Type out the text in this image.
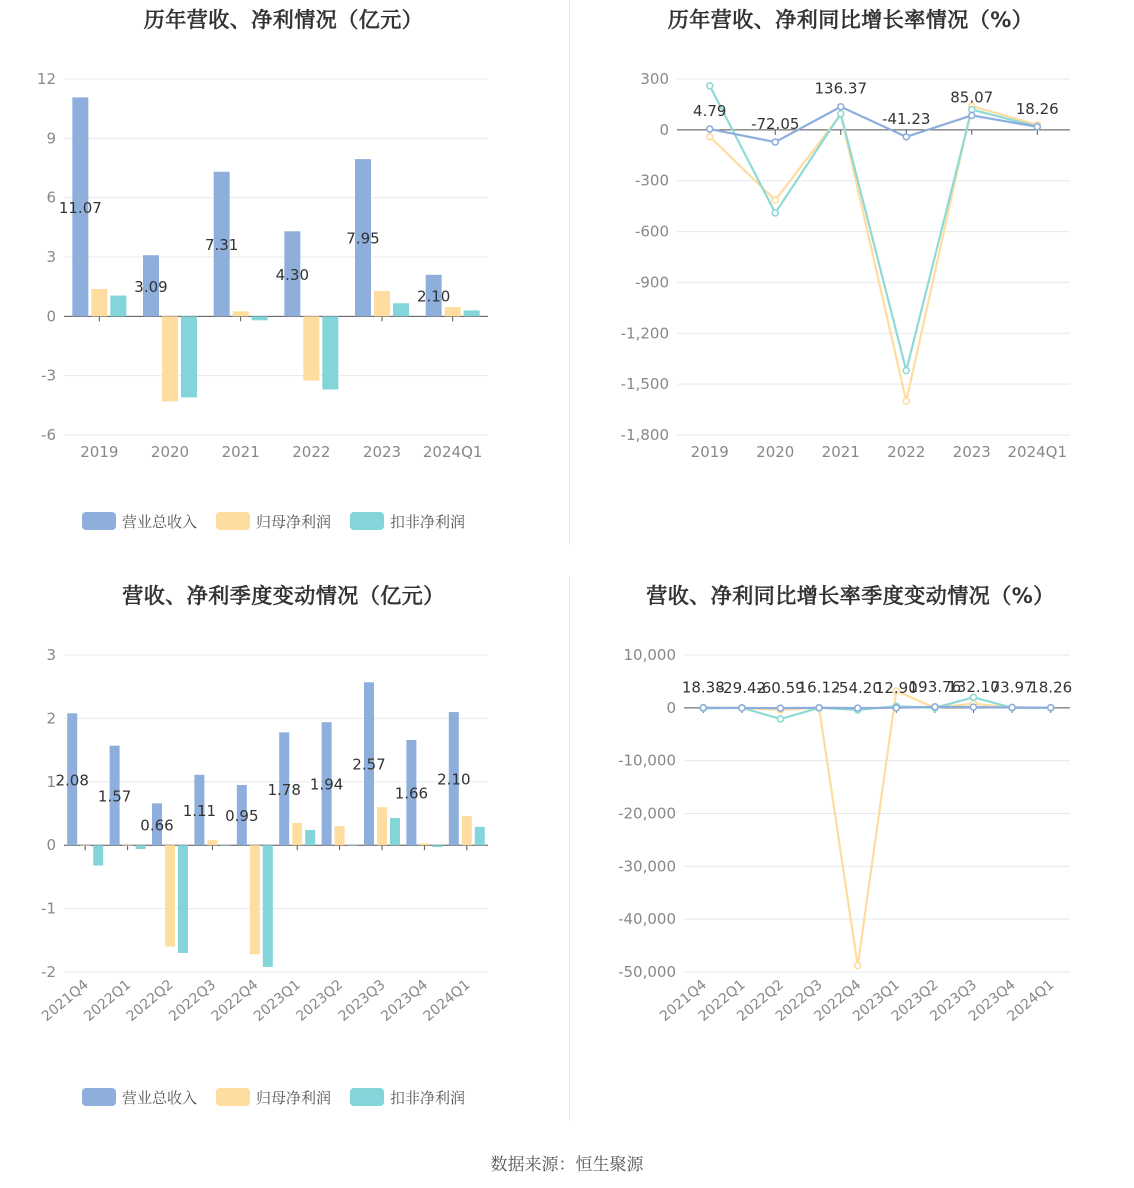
历年营收、净利情况（亿元）
12
9
6
3
0
-3
-6
11.07
2019
3.09
2020
7.31
2021
4.30
2022
7.95
2023
2.10
2024Q1
营业总收入	归母净利润	扣非净利润
历年营收、净利同比增长率情况（%）
300
0
-300
-600
-900
-1,200
-1,500
-1,800
2019 2020 2021 2022 2023 2024Q1
4.79
-72.05
136.37
-41.23
85.07
18.26
营收、净利季度变动情况（亿元）
3
2
1
0
-1
-2
2.08
2021Q4
1.57
2022Q1
0.66
2022Q2
1.11
2022Q3
0.95
2022Q4
1.78
2023Q1
1.94
2023Q2
2.57
2023Q3
1.66
2023Q4
2.10
2024Q1
营业总收入	归母净利润	扣非净利润
营收、净利同比增长率季度变动情况（%）
10,000
0
-10,000
-20,000
-30,000
-40,000
-50,000
2021Q4
2022Q1
2022Q2
2022Q3
2022Q4
2023Q1
2023Q2
2023Q3
2023Q4
2024Q1
18.38
-29.42
-60.59
16.12
-54.20
12.90
193.76
132.10
73.97
18.26
数据来源：恒生聚源
